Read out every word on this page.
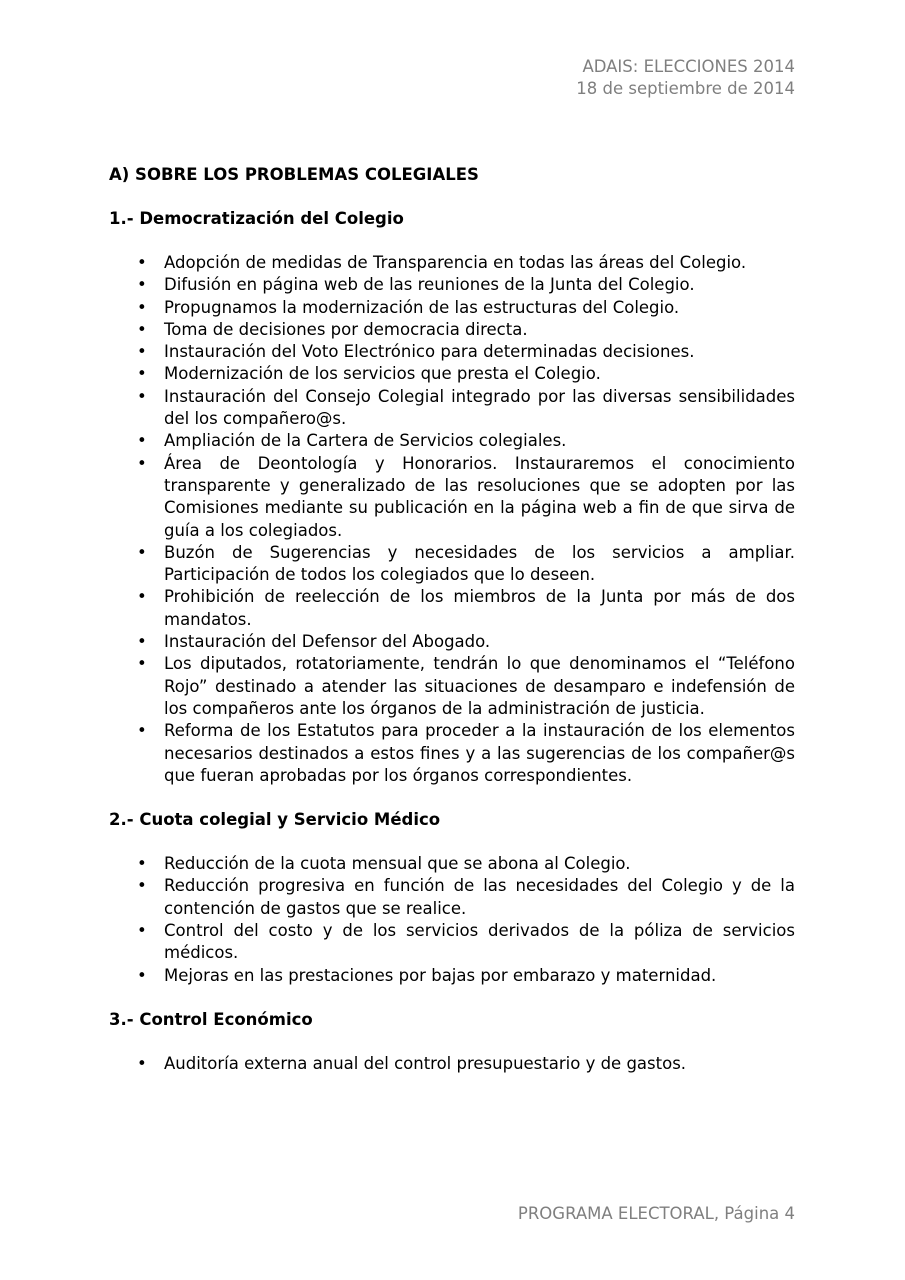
ADAIS: ELECCIONES 2014
18 de septiembre de 2014

A) SOBRE LOS PROBLEMAS COLEGIALES

1.- Democratización del Colegio

• Adopción de medidas de Transparencia en todas las áreas del Colegio.
• Difusión en página web de las reuniones de la Junta del Colegio.
• Propugnamos la modernización de las estructuras del Colegio.
• Toma de decisiones por democracia directa.
• Instauración del Voto Electrónico para determinadas decisiones.
• Modernización de los servicios que presta el Colegio.
• Instauración del Consejo Colegial integrado por las diversas sensibilidades del los compañero@s.
• Ampliación de la Cartera de Servicios colegiales.
• Área de Deontología y Honorarios. Instauraremos el conocimiento transparente y generalizado de las resoluciones que se adopten por las Comisiones mediante su publicación en la página web a fin de que sirva de guía a los colegiados.
• Buzón de Sugerencias y necesidades de los servicios a ampliar. Participación de todos los colegiados que lo deseen.
• Prohibición de reelección de los miembros de la Junta por más de dos mandatos.
• Instauración del Defensor del Abogado.
• Los diputados, rotatoriamente, tendrán lo que denominamos el “Teléfono Rojo” destinado a atender las situaciones de desamparo e indefensión de los compañeros ante los órganos de la administración de justicia.
• Reforma de los Estatutos para proceder a la instauración de los elementos necesarios destinados a estos fines y a las sugerencias de los compañer@s que fueran aprobadas por los órganos correspondientes.

2.- Cuota colegial y Servicio Médico

• Reducción de la cuota mensual que se abona al Colegio.
• Reducción progresiva en función de las necesidades del Colegio y de la contención de gastos que se realice.
• Control del costo y de los servicios derivados de la póliza de servicios médicos.
• Mejoras en las prestaciones por bajas por embarazo y maternidad.

3.- Control Económico

• Auditoría externa anual del control presupuestario y de gastos.
PROGRAMA ELECTORAL, Página 4
